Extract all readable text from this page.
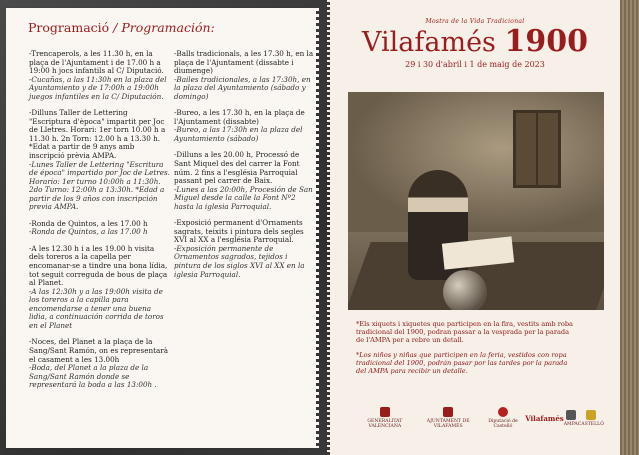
Programació / Programación:

-Trencaperols, a les 11.30 h, en la plaça de l'Ajuntament i de 17.00 h a 19:00 h jocs infantils al C/ Diputació.

-Cucañas, a las 11:30h en la plaza del Ayuntamiento y de 17:00h a 19:00h juegos infantiles en la C/ Diputación.

-Dilluns Taller de Lettering "Escriptura d'època" impartit per Joc de Lletres. Horari: 1er torn 10.00 h a 11.30 h. 2n Torn: 12.00 h a 13.30 h. *Edat a partir de 9 anys amb inscripció prèvia AMPA.

-Lunes Taller de Lettering "Escritura de época" impartido por Joc de Letres. Horario: 1er turno 10:00h a 11:30h. 2do Turno: 12:00h a 13:30h. *Edad a partir de los 9 años con inscripción previa AMPA.

-Ronda de Quintos, a les 17.00 h

-Ronda de Quintos, a las 17.00 h

-A les 12.30 h i a les 19.00 h visita dels toreros a la capella per encomanar-se a tindre una bona lídia, tot seguit correguda de bous de plaça al Planet.

-A las 12:30h y a las 19:00h visita de los toreros a la capilla para encomendarse a tener una buena lidia, a continuación corrida de toros en el Planet

-Noces, del Planet a la plaça de la Sang/Sant Ramón, on es representarà el casament a les 13.00h

-Boda, del Planet a la plaza de la Sang/Sant Ramón donde se representará la boda a las 13:00h .

-Balls tradicionals, a les 17.30 h, en la plaça de l'Ajuntament (dissabte i diumenge)

-Bailes tradicionales, a las 17:30h, en la plaza del Ayuntamiento (sábado y domingo)

-Bureo, a les 17.30 h, en la plaça de l'Ajuntament (dissabte)

-Bureo, a las 17:30h en la plaza del Ayuntamiento (sábado)

-Dilluns a les 20.00 h, Processó de Sant Miquel des del carrer la Font núm. 2 fins a l'església Parroquial passant pel carrer de Baix.

-Lunes a las 20:00h, Procesión de San Miguel desde la calle la Font Nº2 hasta la iglesia Parroquial.

-Exposició permanent d'Ornaments sagrats, teixits i pintura dels segles XVI al XX a l'església Parroquial.

-Exposición permanente de Ornamentos sagrados, tejidos i pintura de los siglos XVI al XX en la iglesia Parroquial.

Mostra de la Vida Tradicional
Vilafamés 1900
29 i 30 d'abril i 1 de maig de 2023

*Els xiquets i xiquetes que participen en la fira, vestits amb roba tradicional del 1900, podran passar a la vesprada per la parada de l'AMPA per a rebre un detall.

*Los niños y niñas que participen en la feria, vestidos con ropa tradicional del 1900, podrán pasar por las tardes por la parada del AMPA para recibir un detalle.

GENERALITAT VALENCIANA
AJUNTAMENT DE VILAFAMÉS
Diputació de Castelló
Vilafamés
AMPA CASTELLÓ
